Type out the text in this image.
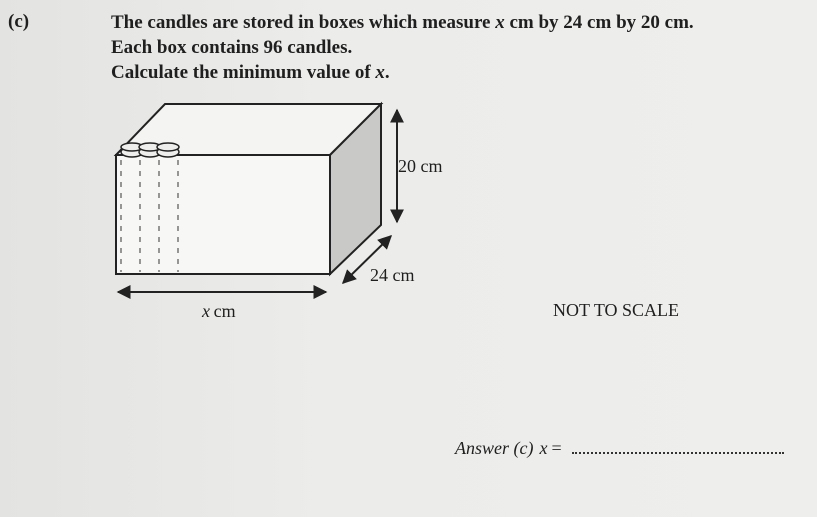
(c)	The candles are stored in boxes which measure x cm by 24 cm by 20 cm.
Each box contains 96 candles.
Calculate the minimum value of x.
20 cm
24 cm
x  cm	NOT TO SCALE
Answer (c) x =
